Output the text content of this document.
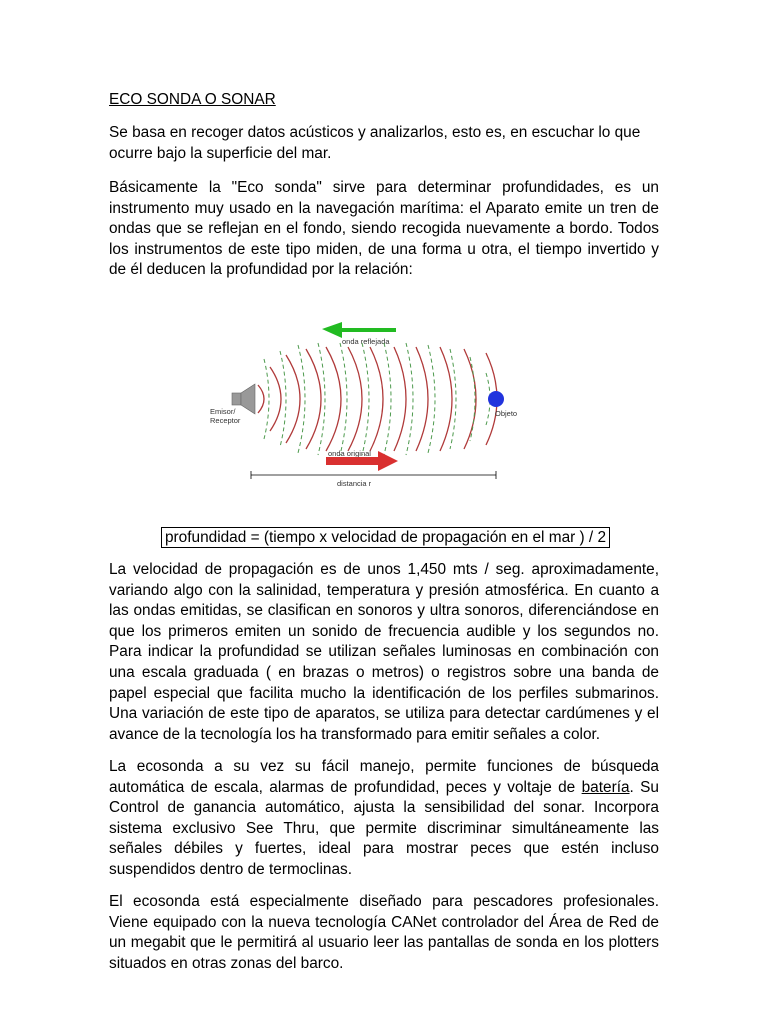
ECO SONDA O SONAR
Se basa en recoger datos acústicos y analizarlos, esto es, en escuchar lo que ocurre bajo la superficie del mar.
Básicamente la "Eco sonda" sirve para determinar profundidades, es un instrumento muy usado en la navegación marítima: el Aparato emite un tren de ondas que se reflejan en el fondo, siendo recogida nuevamente a bordo. Todos los instrumentos de este tipo miden, de una forma u otra, el tiempo invertido y de él deducen la profundidad por la relación:
onda reflejada
Emisor/
Receptor
Objeto
onda original
distancia r
profundidad = (tiempo x velocidad de propagación en el mar ) / 2
La velocidad de propagación es de unos 1,450 mts / seg. aproximadamente, variando algo con la salinidad, temperatura y presión atmosférica. En cuanto a las ondas emitidas, se clasifican en sonoros y ultra sonoros, diferenciándose en que los primeros emiten un sonido de frecuencia audible y los segundos no. Para indicar la profundidad se utilizan señales luminosas en combinación con una escala graduada ( en brazas o metros) o registros sobre una banda de papel especial que facilita mucho la identificación de los perfiles submarinos. Una variación de este tipo de aparatos, se utiliza para detectar cardúmenes y el avance de la tecnología los ha transformado para emitir señales a color.
La ecosonda a su vez su fácil manejo, permite funciones de búsqueda automática de escala, alarmas de profundidad, peces y voltaje de batería. Su Control de ganancia automático, ajusta la sensibilidad del sonar. Incorpora sistema exclusivo See Thru, que permite discriminar simultáneamente las señales débiles y fuertes, ideal para mostrar peces que estén incluso suspendidos dentro de termoclinas.
El ecosonda está especialmente diseñado para pescadores profesionales. Viene equipado con la nueva tecnología CANet controlador del Área de Red de un megabit que le permitirá al usuario leer las pantallas de sonda en los plotters situados en otras zonas del barco.
